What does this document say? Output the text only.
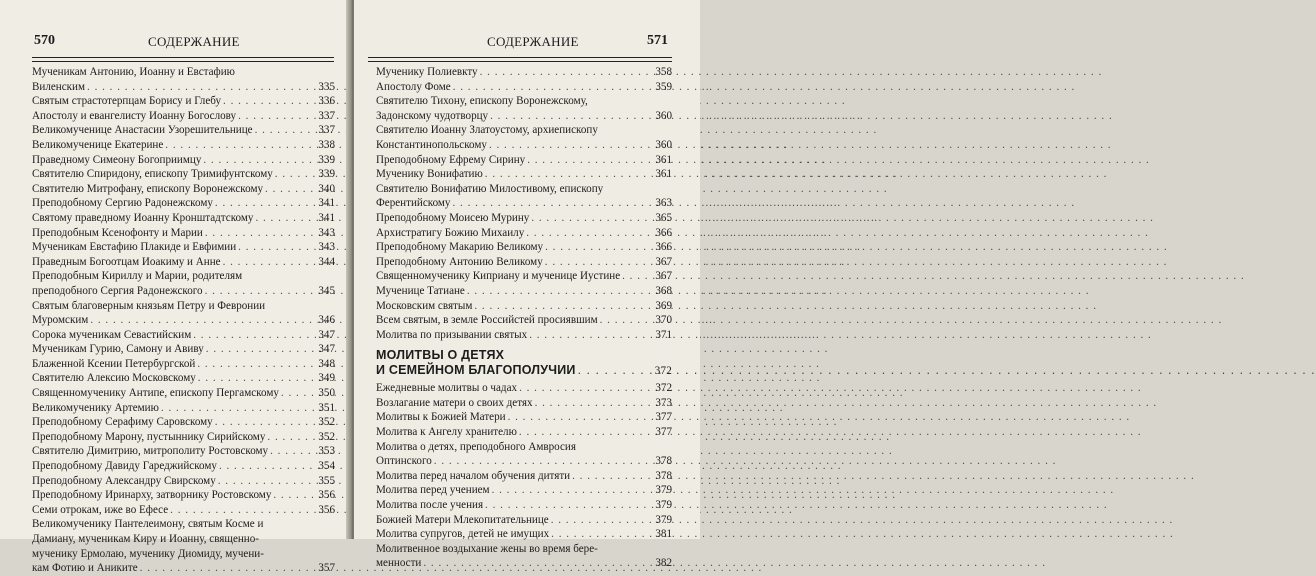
570	СОДЕРЖАНИЕ
Мученикам Антонию, Иоанну и Евстафию
Виленским . . .	335
Святым страстотерпцам Борису и Глебу . . .	336
Апостолу и евангелисту Иоанну Богослову . . .	337
Великомученице Анастасии Узорешительнице . . .	337
Великомученице Екатерине . . .	338
Праведному Симеону Богоприимцу . . .	339
Святителю Спиридону, епископу Тримифунтскому . . .	339
Святителю Митрофану, епископу Воронежскому . . .	340
Преподобному Сергию Радонежскому . . .	341
Святому праведному Иоанну Кронштадтскому . . .	341
Преподобным Ксенофонту и Марии . . .	343
Мученикам Евстафию Плакиде и Евфимии . . .	343
Праведным Богоотцам Иоакиму и Анне . . .	344
Преподобным Кириллу и Марии, родителям
преподобного Сергия Радонежского . . .	345
Святым благоверным князьям Петру и Февронии
Муромским . . .	346
Сорока мученикам Севастийским . . .	347
Мученикам Гурию, Самону и Авиву . . .	347
Блаженной Ксении Петербургской . . .	348
Святителю Алексию Московскому . . .	349
Священномученику Антипе, епископу Пергамскому . . .	350
Великомученику Артемию . . .	351
Преподобному Серафиму Саровскому . . .	352
Преподобному Марону, пустыннику Сирийскому . . .	352
Святителю Димитрию, митрополиту Ростовскому . . .	353
Преподобному Давиду Гареджийскому . . .	354
Преподобному Александру Свирскому . . .	355
Преподобному Иринарху, затворнику Ростовскому . . .	356
Семи отрокам, иже во Ефесе . . .	356
Великомученику Пантелеимону, святым Космe и
Дамиану, мученикам Киру и Иоанну, священно-
мученику Ермолаю, мученику Диомиду, мучени-
кам Фотию и Аниките . . .	357
СОДЕРЖАНИЕ	571
Мученику Полиевкту . . .	358
Апостолу Фоме . . .	359
Святителю Тихону, епископу Воронежскому,
Задонскому чудотворцу . . .	360
Святителю Иоанну Златоустому, архиепископу
Константинопольскому . . .	360
Преподобному Ефрему Сирину . . .	361
Мученику Вонифатию . . .	361
Святителю Вонифатию Милостивому, епископу
Ферентийскому . . .	363
Преподобному Моисею Мурину . . .	365
Архистратигу Божию Михаилу . . .	366
Преподобному Макарию Великому . . .	366
Преподобному Антонию Великому . . .	367
Священномученику Киприану и мученице Иустине . . .	367
Мученице Татиане . . .	368
Московским святым . . .	369
Всем святым, в земле Российстей просиявшим . . .	370
Молитва по призывании святых . . .	371
МОЛИТВЫ О ДЕТЯХ
И СЕМЕЙНОМ БЛАГОПОЛУЧИИ . . .	372
Ежедневные молитвы о чадах . . .	372
Возлагание матери о своих детях . . .	373
Молитвы к Божией Матери . . .	377
Молитва к Ангелу хранителю . . .	377
Молитва о детях, преподобного Амвросия
Оптинского . . .	378
Молитва перед началом обучения дитяти . . .	378
Молитва перед учением . . .	379
Молитва после учения . . .	379
Божией Матери Млекопитательнице . . .	379
Молитва супругов, детей не имущих . . .	381
Молитвенное воздыхание жены во время бере-
менности . . .	382
